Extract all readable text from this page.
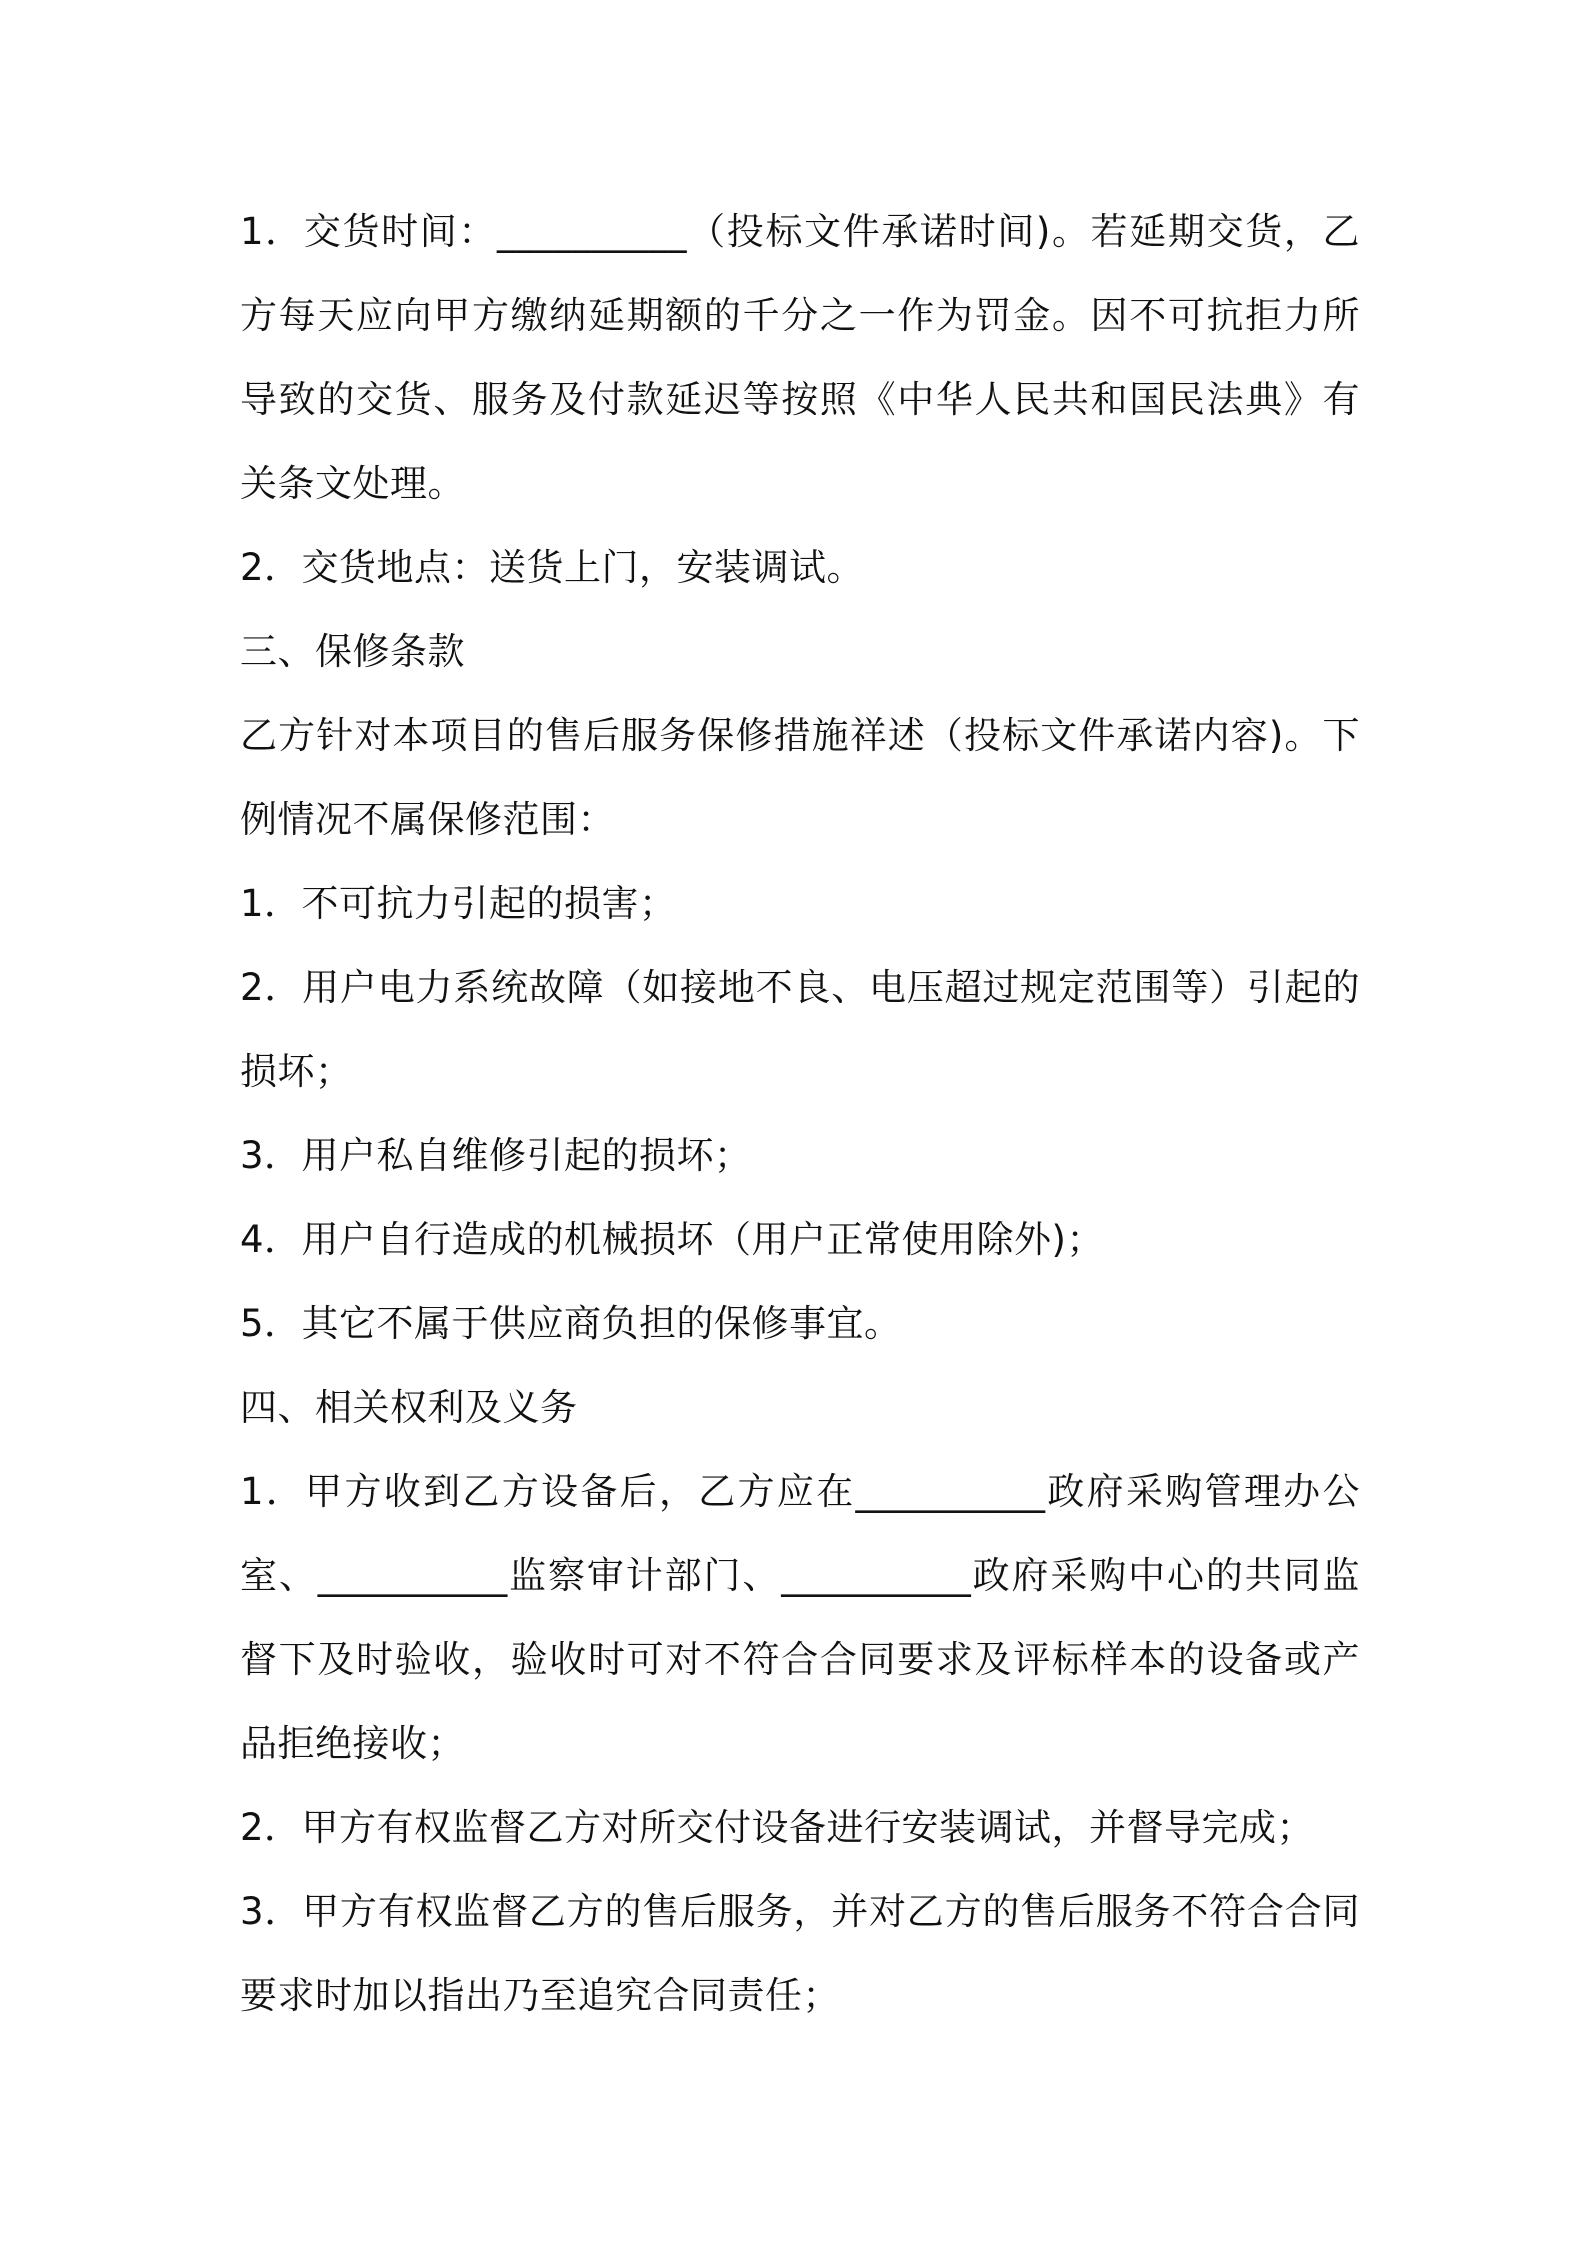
1．交货时间：__________（投标文件承诺时间)。若延期交货，乙方每天应向甲方缴纳延期额的千分之一作为罚金。因不可抗拒力所导致的交货、服务及付款延迟等按照《中华人民共和国民法典》有关条文处理。

2．交货地点：送货上门，安装调试。

三、保修条款

乙方针对本项目的售后服务保修措施祥述（投标文件承诺内容)。下例情况不属保修范围：

1．不可抗力引起的损害；

2．用户电力系统故障（如接地不良、电压超过规定范围等）引起的损坏；

3．用户私自维修引起的损坏；

4．用户自行造成的机械损坏（用户正常使用除外)；

5．其它不属于供应商负担的保修事宜。

四、相关权利及义务

1．甲方收到乙方设备后，乙方应在__________政府采购管理办公室、__________监察审计部门、__________政府采购中心的共同监督下及时验收，验收时可对不符合合同要求及评标样本的设备或产品拒绝接收；

2．甲方有权监督乙方对所交付设备进行安装调试，并督导完成；

3．甲方有权监督乙方的售后服务，并对乙方的售后服务不符合合同要求时加以指出乃至追究合同责任；
